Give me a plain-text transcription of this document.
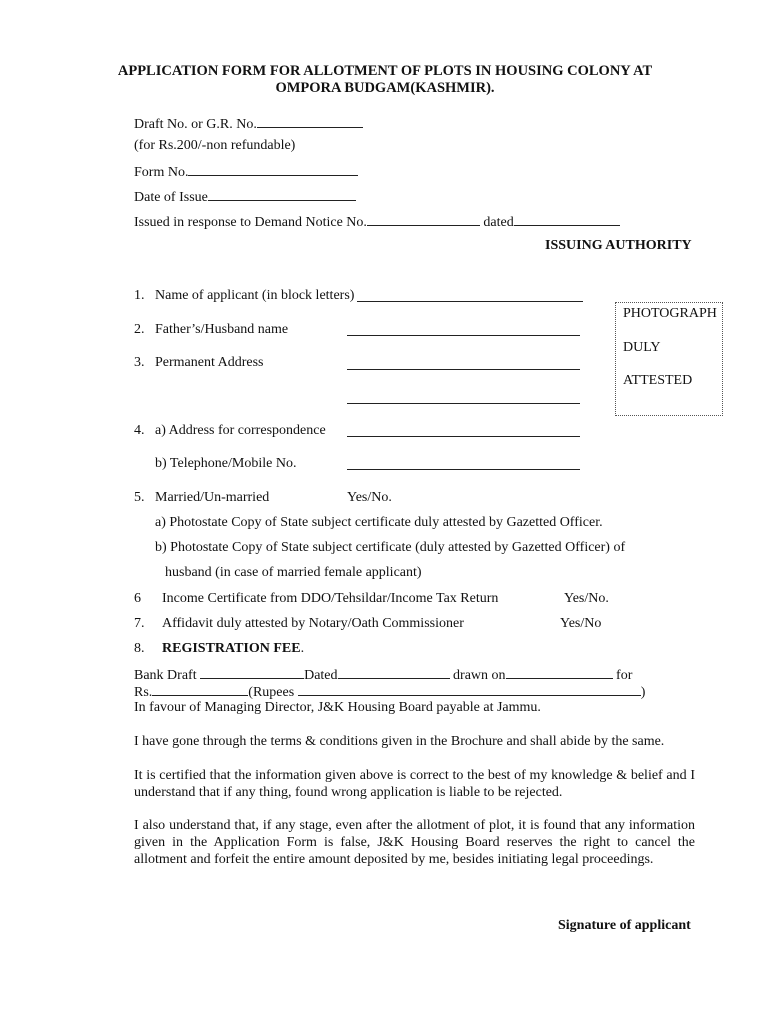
APPLICATION FORM FOR ALLOTMENT OF PLOTS IN HOUSING COLONY AT
OMPORA BUDGAM(KASHMIR).
Draft No. or G.R. No.
(for Rs.200/-non refundable)
Form No.
Date of Issue
Issued in response to Demand Notice No.	dated
ISSUING AUTHORITY
PHOTOGRAPH
DULY
ATTESTED
1. Name of applicant (in block letters)
2. Father’s/Husband name
3. Permanent Address
4. a) Address for correspondence
b) Telephone/Mobile No.
5. Married/Un-married	Yes/No.
a) Photostate Copy of State subject certificate duly attested by Gazetted Officer.
b) Photostate Copy of State subject certificate (duly attested by Gazetted Officer) of
husband (in case of married female applicant)
6 Income Certificate from DDO/Tehsildar/Income Tax Return	Yes/No.
7. Affidavit duly attested by Notary/Oath Commissioner	Yes/No
8. REGISTRATION FEE.
Bank Draft	Dated	drawn on	for
Rs.	(Rupees	)
In favour of Managing Director, J&K Housing Board payable at Jammu.
I have gone through the terms & conditions given in the Brochure and shall abide by the same.
It is certified that the information given above is correct to the best of my knowledge & belief and I understand that if any thing, found wrong application is liable to be rejected.
I also understand that, if any stage, even after the allotment of plot, it is found that any information given in the Application Form is false, J&K Housing Board reserves the right to cancel the allotment and forfeit the entire amount deposited by me, besides initiating legal proceedings.
Signature of applicant
